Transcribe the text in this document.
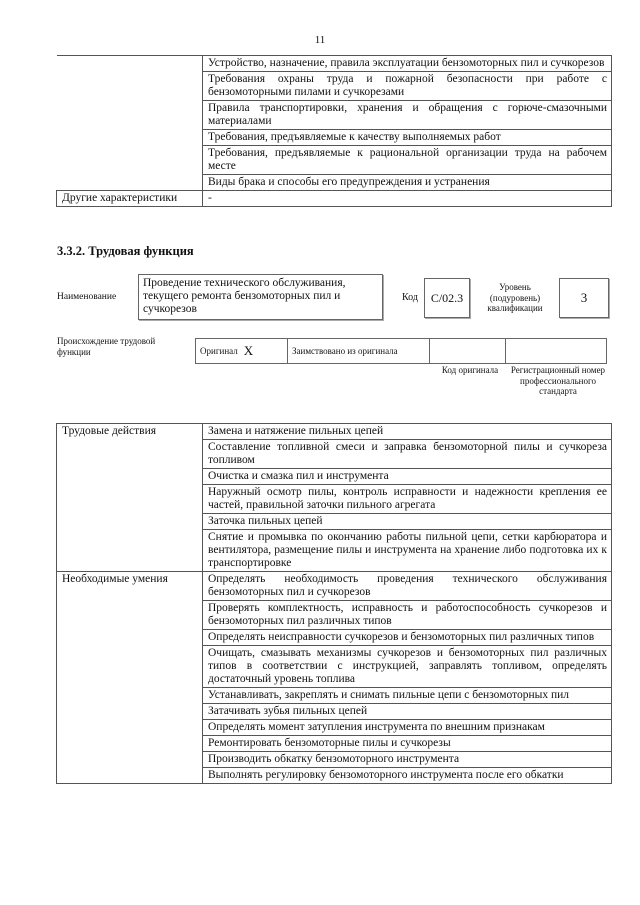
11
	Устройство, назначение, правила эксплуатации бензомоторных пил и сучкорезов
	Требования охраны труда и пожарной безопасности при работе с бензомоторными пилами и сучкорезами
	Правила транспортировки, хранения и обращения с горюче-смазочными материалами
	Требования, предъявляемые к качеству выполняемых работ
	Требования, предъявляемые к рациональной организации труда на рабочем месте
	Виды брака и способы его предупреждения и устранения
Другие характеристики	-
3.3.2. Трудовая функция
Наименование
Проведение технического обслуживания, текущего ремонта бензомоторных пил и сучкорезов
Код С/02.3
Уровень (подуровень) квалификации
3
Происхождение трудовой функции	Оригинал Х	Заимствовано из оригинала
Код оригинала	Регистрационный номер профессионального стандарта
Трудовые действия	Замена и натяжение пильных цепей
	Составление топливной смеси и заправка бензомоторной пилы и сучкореза топливом
	Очистка и смазка пил и инструмента
	Наружный осмотр пилы, контроль исправности и надежности крепления ее частей, правильной заточки пильного агрегата
	Заточка пильных цепей
	Снятие и промывка по окончанию работы пильной цепи, сетки карбюратора и вентилятора, размещение пилы и инструмента на хранение либо подготовка их к транспортировке
Необходимые умения	Определять необходимость проведения технического обслуживания бензомоторных пил и сучкорезов
	Проверять комплектность, исправность и работоспособность сучкорезов и бензомоторных пил различных типов
	Определять неисправности сучкорезов и бензомоторных пил различных типов
	Очищать, смазывать механизмы сучкорезов и бензомоторных пил различных типов в соответствии с инструкцией, заправлять топливом, определять достаточный уровень топлива
	Устанавливать, закреплять и снимать пильные цепи с бензомоторных пил
	Затачивать зубья пильных цепей
	Определять момент затупления инструмента по внешним признакам
	Ремонтировать бензомоторные пилы и сучкорезы
	Производить обкатку бензомоторного инструмента
	Выполнять регулировку бензомоторного инструмента после его обкатки
